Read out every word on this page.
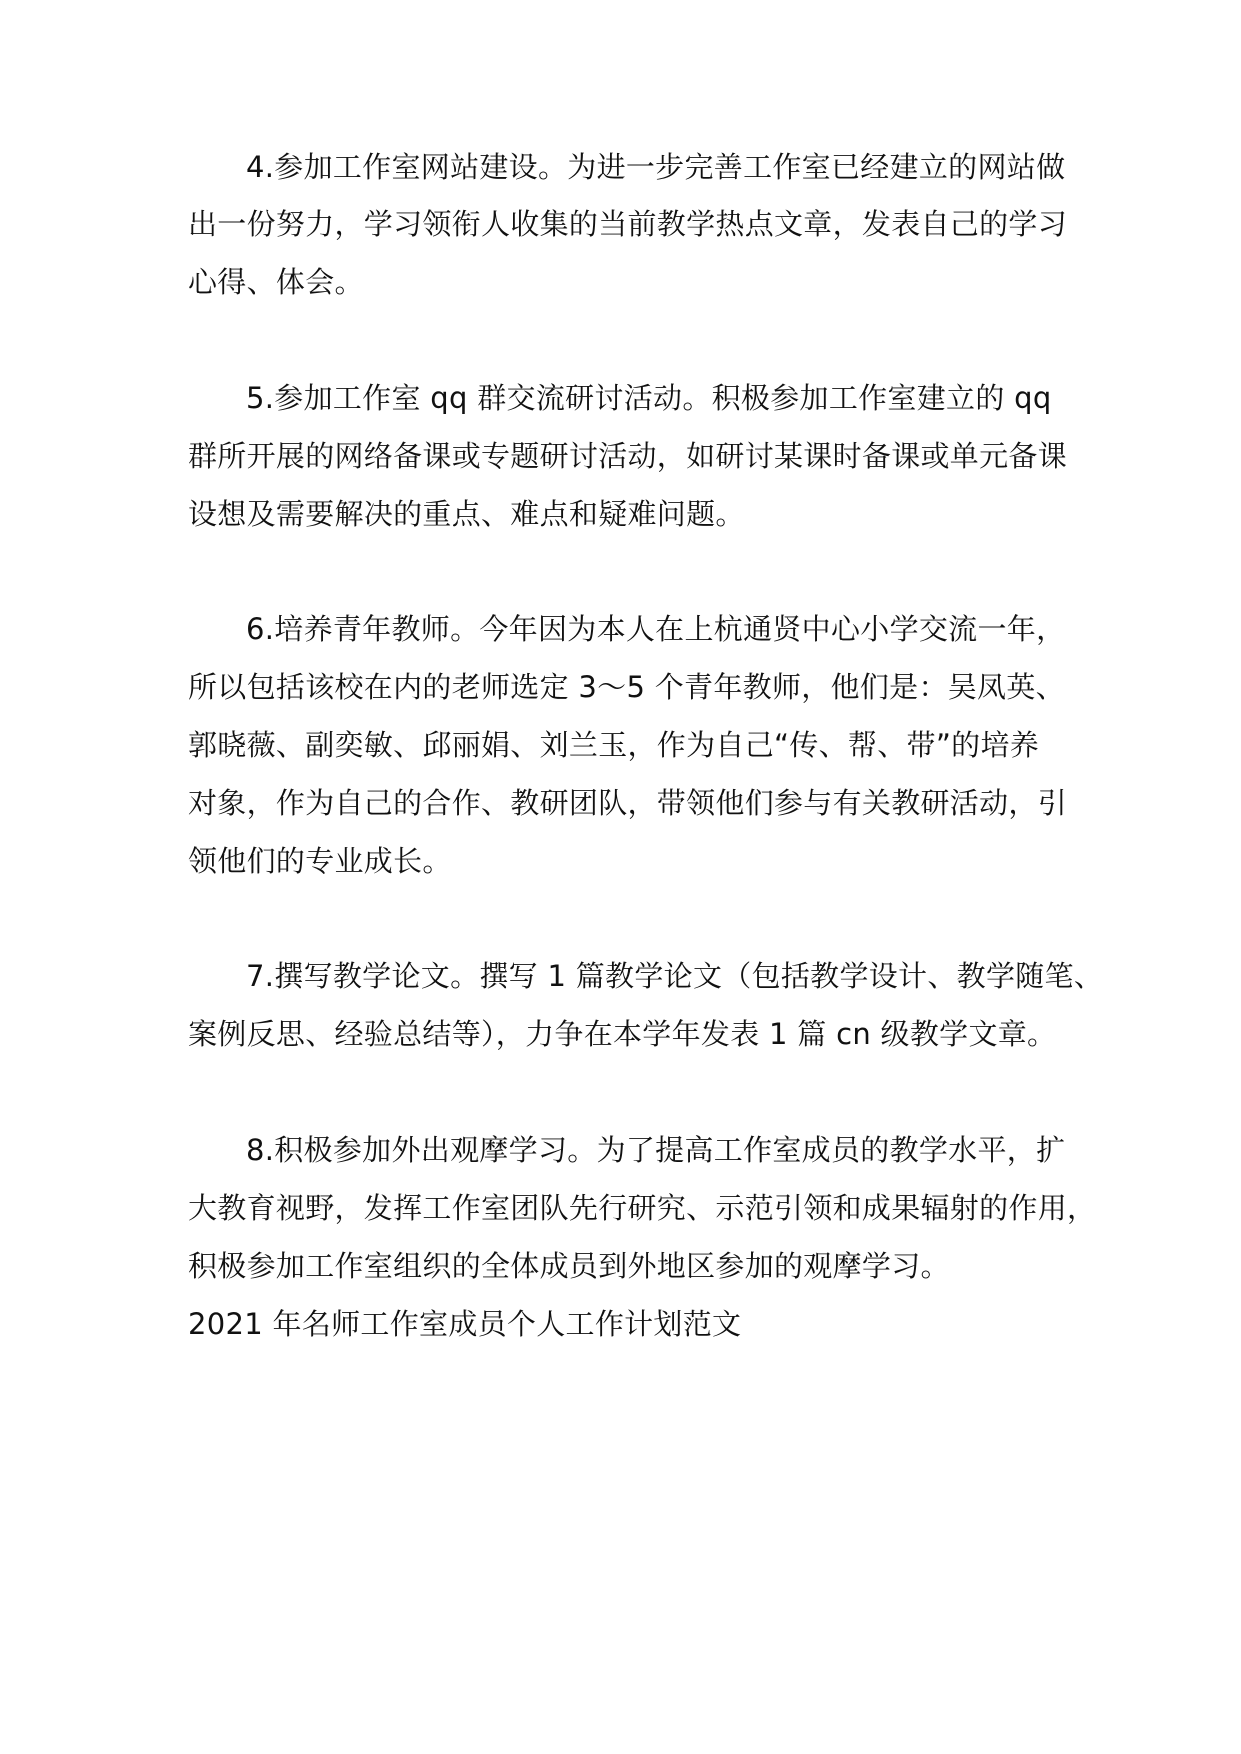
4.参加工作室网站建设。为进一步完善工作室已经建立的网站做
出一份努力，学习领衔人收集的当前教学热点文章，发表自己的学习
心得、体会。
5.参加工作室 qq 群交流研讨活动。积极参加工作室建立的 qq
群所开展的网络备课或专题研讨活动，如研讨某课时备课或单元备课
设想及需要解决的重点、难点和疑难问题。
6.培养青年教师。今年因为本人在上杭通贤中心小学交流一年，
所以包括该校在内的老师选定 3～5 个青年教师，他们是：吴凤英、
郭晓薇、副奕敏、邱丽娟、刘兰玉，作为自己“传、帮、带”的培养
对象，作为自己的合作、教研团队，带领他们参与有关教研活动，引
领他们的专业成长。
7.撰写教学论文。撰写 1 篇教学论文（包括教学设计、教学随笔、
案例反思、经验总结等），力争在本学年发表 1 篇 cn 级教学文章。
8.积极参加外出观摩学习。为了提高工作室成员的教学水平，扩
大教育视野，发挥工作室团队先行研究、示范引领和成果辐射的作用，
积极参加工作室组织的全体成员到外地区参加的观摩学习。
2021 年名师工作室成员个人工作计划范文
